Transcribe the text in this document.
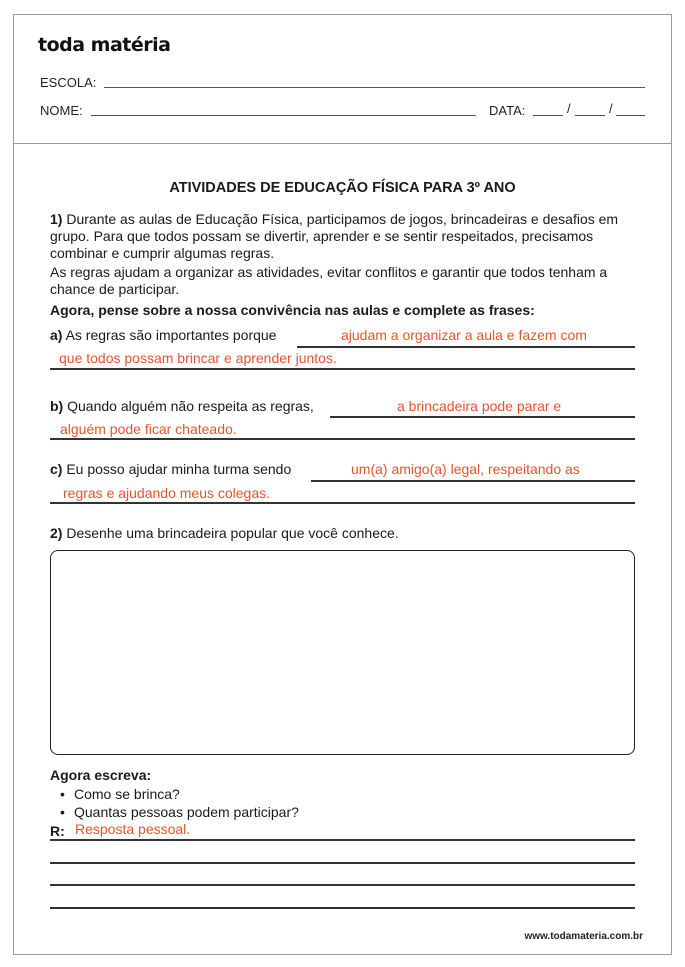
toda matéria
ESCOLA:
NOME:	DATA:	/	/
ATIVIDADES DE EDUCAÇÃO FÍSICA PARA 3º ANO
1) Durante as aulas de Educação Física, participamos de jogos, brincadeiras e desafios em grupo. Para que todos possam se divertir, aprender e se sentir respeitados, precisamos combinar e cumprir algumas regras.
As regras ajudam a organizar as atividades, evitar conflitos e garantir que todos tenham a chance de participar.
Agora, pense sobre a nossa convivência nas aulas e complete as frases:
a) As regras são importantes porque	ajudam a organizar a aula e fazem com
que todos possam brincar e aprender juntos.
b) Quando alguém não respeita as regras,	a brincadeira pode parar e
alguém pode ficar chateado.
c) Eu posso ajudar minha turma sendo	um(a) amigo(a) legal, respeitando as
regras e ajudando meus colegas.
2) Desenhe uma brincadeira popular que você conhece.
Agora escreva:
• Como se brinca?
• Quantas pessoas podem participar?
R: Resposta pessoal.
www.todamateria.com.br
